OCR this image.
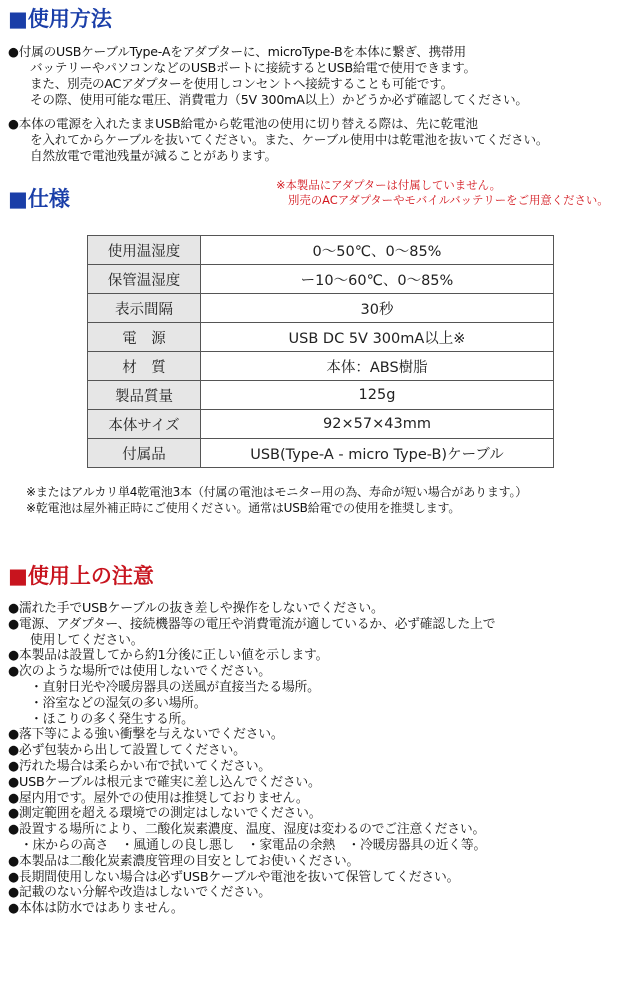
■使用方法
●付属のUSBケーブルType-Aをアダプターに、microType-Bを本体に繋ぎ、携帯用
バッテリーやパソコンなどのUSBポートに接続するとUSB給電で使用できます。
また、別売のACアダプターを使用しコンセントへ接続することも可能です。
その際、使用可能な電圧、消費電力（5V 300mA以上）かどうか必ず確認してください。
●本体の電源を入れたままUSB給電から乾電池の使用に切り替える際は、先に乾電池
を入れてからケーブルを抜いてください。また、ケーブル使用中は乾電池を抜いてください。
自然放電で電池残量が減ることがあります。
■仕様
※本製品にアダプターは付属していません。
別売のACアダプターやモバイルバッテリーをご用意ください。
使用温湿度	0〜50℃、0〜85%
保管温湿度	ー10〜60℃、0〜85%
表示間隔	30秒
電　源	USB DC 5V 300mA以上※
材　質	本体：ABS樹脂
製品質量	125g
本体サイズ	92×57×43mm
付属品	USB(Type-A - micro Type-B)ケーブル
※またはアルカリ単4乾電池3本（付属の電池はモニター用の為、寿命が短い場合があります。）
※乾電池は屋外補正時にご使用ください。通常はUSB給電での使用を推奨します。
■使用上の注意
●濡れた手でUSBケーブルの抜き差しや操作をしないでください。
●電源、アダプター、接続機器等の電圧や消費電流が適しているか、必ず確認した上で
使用してください。
●本製品は設置してから約1分後に正しい値を示します。
●次のような場所では使用しないでください。
・直射日光や冷暖房器具の送風が直接当たる場所。
・浴室などの湿気の多い場所。
・ほこりの多く発生する所。
●落下等による強い衝撃を与えないでください。
●必ず包装から出して設置してください。
●汚れた場合は柔らかい布で拭いてください。
●USBケーブルは根元まで確実に差し込んでください。
●屋内用です。屋外での使用は推奨しておりません。
●測定範囲を超える環境での測定はしないでください。
●設置する場所により、二酸化炭素濃度、温度、湿度は変わるのでご注意ください。
・床からの高さ　・風通しの良し悪し　・家電品の余熱　・冷暖房器具の近く等。
●本製品は二酸化炭素濃度管理の目安としてお使いください。
●長期間使用しない場合は必ずUSBケーブルや電池を抜いて保管してください。
●記載のない分解や改造はしないでください。
●本体は防水ではありません。
